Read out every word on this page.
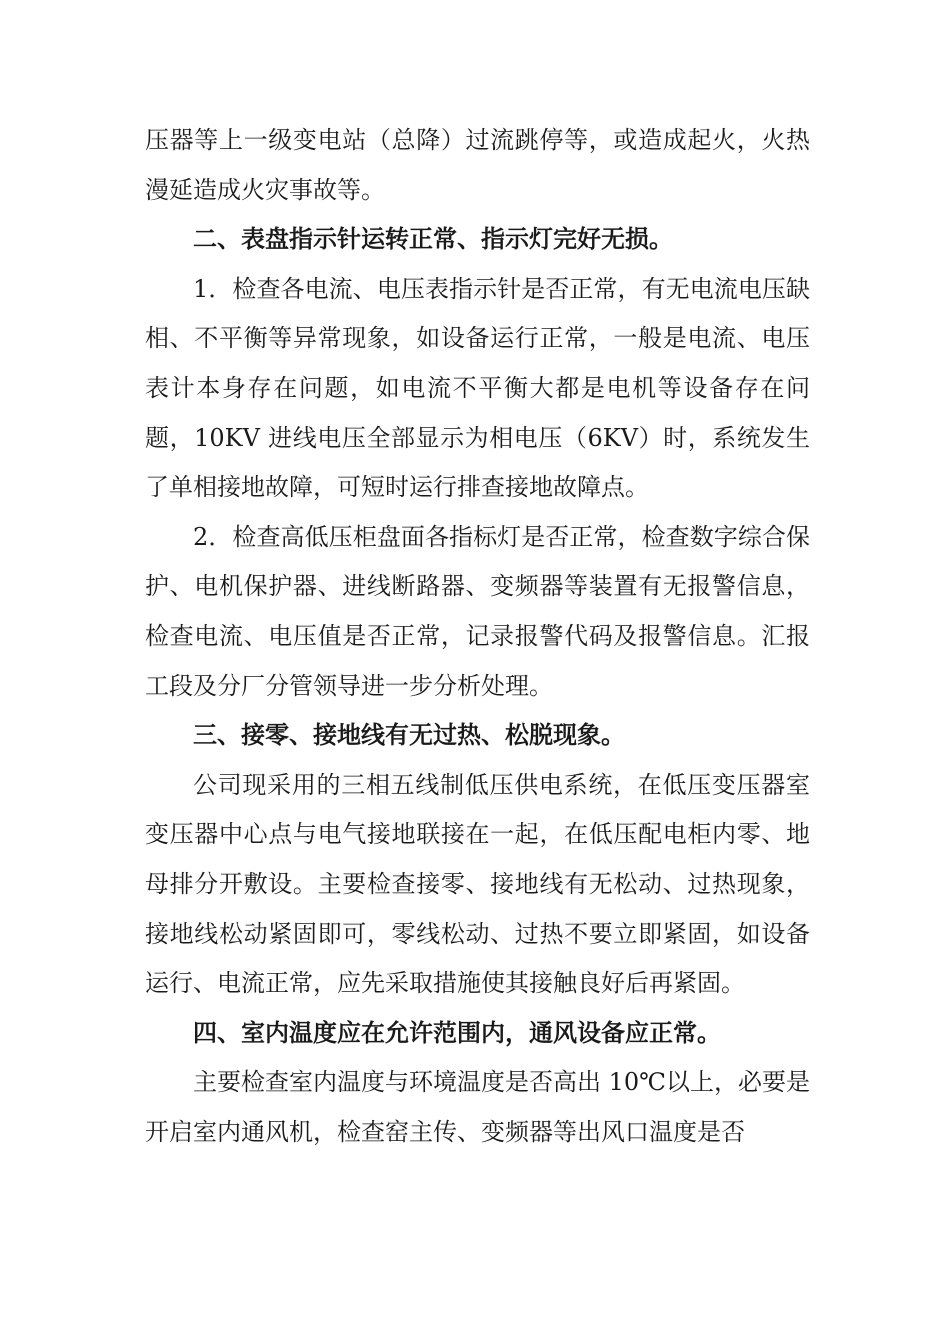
压器等上一级变电站（总降）过流跳停等，或造成起火，火热漫延造成火灾事故等。

二、表盘指示针运转正常、指示灯完好无损。

1．检查各电流、电压表指示针是否正常，有无电流电压缺相、不平衡等异常现象，如设备运行正常，一般是电流、电压表计本身存在问题，如电流不平衡大都是电机等设备存在问题，10KV 进线电压全部显示为相电压（6KV）时，系统发生了单相接地故障，可短时运行排查接地故障点。

2．检查高低压柜盘面各指标灯是否正常，检查数字综合保护、电机保护器、进线断路器、变频器等装置有无报警信息，检查电流、电压值是否正常，记录报警代码及报警信息。汇报工段及分厂分管领导进一步分析处理。

三、接零、接地线有无过热、松脱现象。

公司现采用的三相五线制低压供电系统，在低压变压器室变压器中心点与电气接地联接在一起，在低压配电柜内零、地母排分开敷设。主要检查接零、接地线有无松动、过热现象，接地线松动紧固即可，零线松动、过热不要立即紧固，如设备运行、电流正常，应先采取措施使其接触良好后再紧固。

四、室内温度应在允许范围内，通风设备应正常。

主要检查室内温度与环境温度是否高出 10℃以上，必要是开启室内通风机，检查窑主传、变频器等出风口温度是否
